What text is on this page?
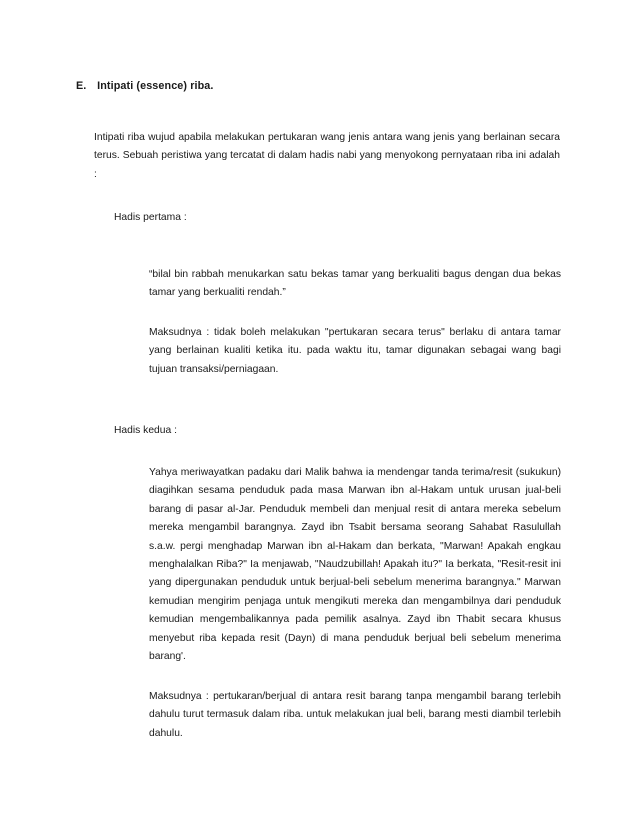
E. Intipati (essence) riba.

Intipati riba wujud apabila melakukan pertukaran wang jenis antara wang jenis yang berlainan secara terus. Sebuah peristiwa yang tercatat di dalam hadis nabi yang menyokong pernyataan riba ini adalah :

Hadis pertama :

“bilal bin rabbah menukarkan satu bekas tamar yang berkualiti bagus dengan dua bekas tamar yang berkualiti rendah.”

Maksudnya : tidak boleh melakukan "pertukaran secara terus" berlaku di antara tamar yang berlainan kualiti ketika itu. pada waktu itu, tamar digunakan sebagai wang bagi tujuan transaksi/perniagaan.

Hadis kedua :

Yahya meriwayatkan padaku dari Malik bahwa ia mendengar tanda terima/resit (sukukun) diagihkan sesama penduduk pada masa Marwan ibn al-Hakam untuk urusan jual-beli barang di pasar al-Jar. Penduduk membeli dan menjual resit di antara mereka sebelum mereka mengambil barangnya. Zayd ibn Tsabit bersama seorang Sahabat Rasulullah s.a.w. pergi menghadap Marwan ibn al-Hakam dan berkata, "Marwan! Apakah engkau menghalalkan Riba?" Ia menjawab, "Naudzubillah! Apakah itu?" Ia berkata, "Resit-resit ini yang dipergunakan penduduk untuk berjual-beli sebelum menerima barangnya." Marwan kemudian mengirim penjaga untuk mengikuti mereka dan mengambilnya dari penduduk kemudian mengembalikannya pada pemilik asalnya. Zayd ibn Thabit secara khusus menyebut riba kepada resit (Dayn) di mana penduduk berjual beli sebelum menerima barang'.

Maksudnya : pertukaran/berjual di antara resit barang tanpa mengambil barang terlebih dahulu turut termasuk dalam riba. untuk melakukan jual beli, barang mesti diambil terlebih dahulu.
